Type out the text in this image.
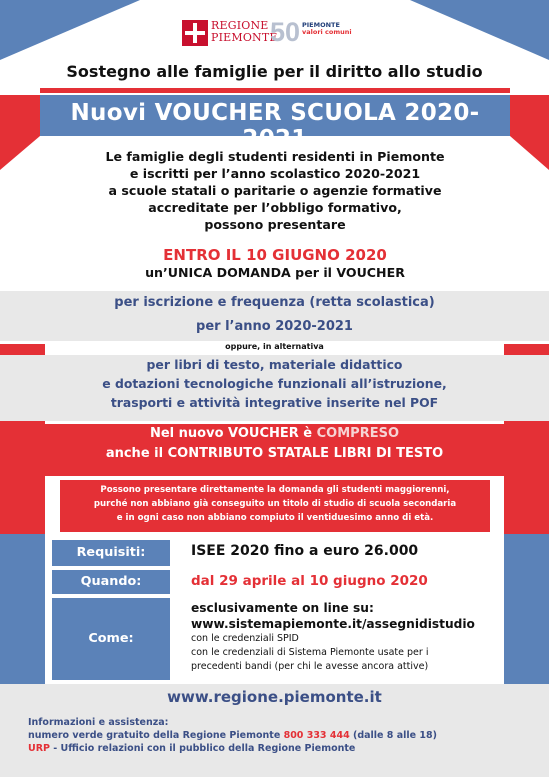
REGIONE
PIEMONTE
50 PIEMONTE
valori comuni
Sostegno alle famiglie per il diritto allo studio
Nuovi VOUCHER SCUOLA 2020-2021
Le famiglie degli studenti residenti in Piemonte
e iscritti per l’anno scolastico 2020-2021
a scuole statali o paritarie o agenzie formative
accreditate per l’obbligo formativo,
possono presentare
ENTRO IL 10 GIUGNO 2020
un’UNICA DOMANDA per il VOUCHER
per iscrizione e frequenza (retta scolastica)
per l’anno 2020-2021
oppure, in alternativa
per libri di testo, materiale didattico
e dotazioni tecnologiche funzionali all’istruzione,
trasporti e attività integrative inserite nel POF
Nel nuovo VOUCHER è COMPRESO
anche il CONTRIBUTO STATALE LIBRI DI TESTO
Possono presentare direttamente la domanda gli studenti maggiorenni,
purché non abbiano già conseguito un titolo di studio di scuola secondaria
e in ogni caso non abbiano compiuto il ventiduesimo anno di età.
Requisiti:	ISEE 2020 fino a euro 26.000
Quando:	dal 29 aprile al 10 giugno 2020
Come:
esclusivamente on line su:
www.sistemapiemonte.it/assegnidistudio
con le credenziali SPID
con le credenziali di Sistema Piemonte usate per i
precedenti bandi (per chi le avesse ancora attive)
www.regione.piemonte.it
Informazioni e assistenza:
numero verde gratuito della Regione Piemonte 800 333 444 (dalle 8 alle 18)
URP - Ufficio relazioni con il pubblico della Regione Piemonte
